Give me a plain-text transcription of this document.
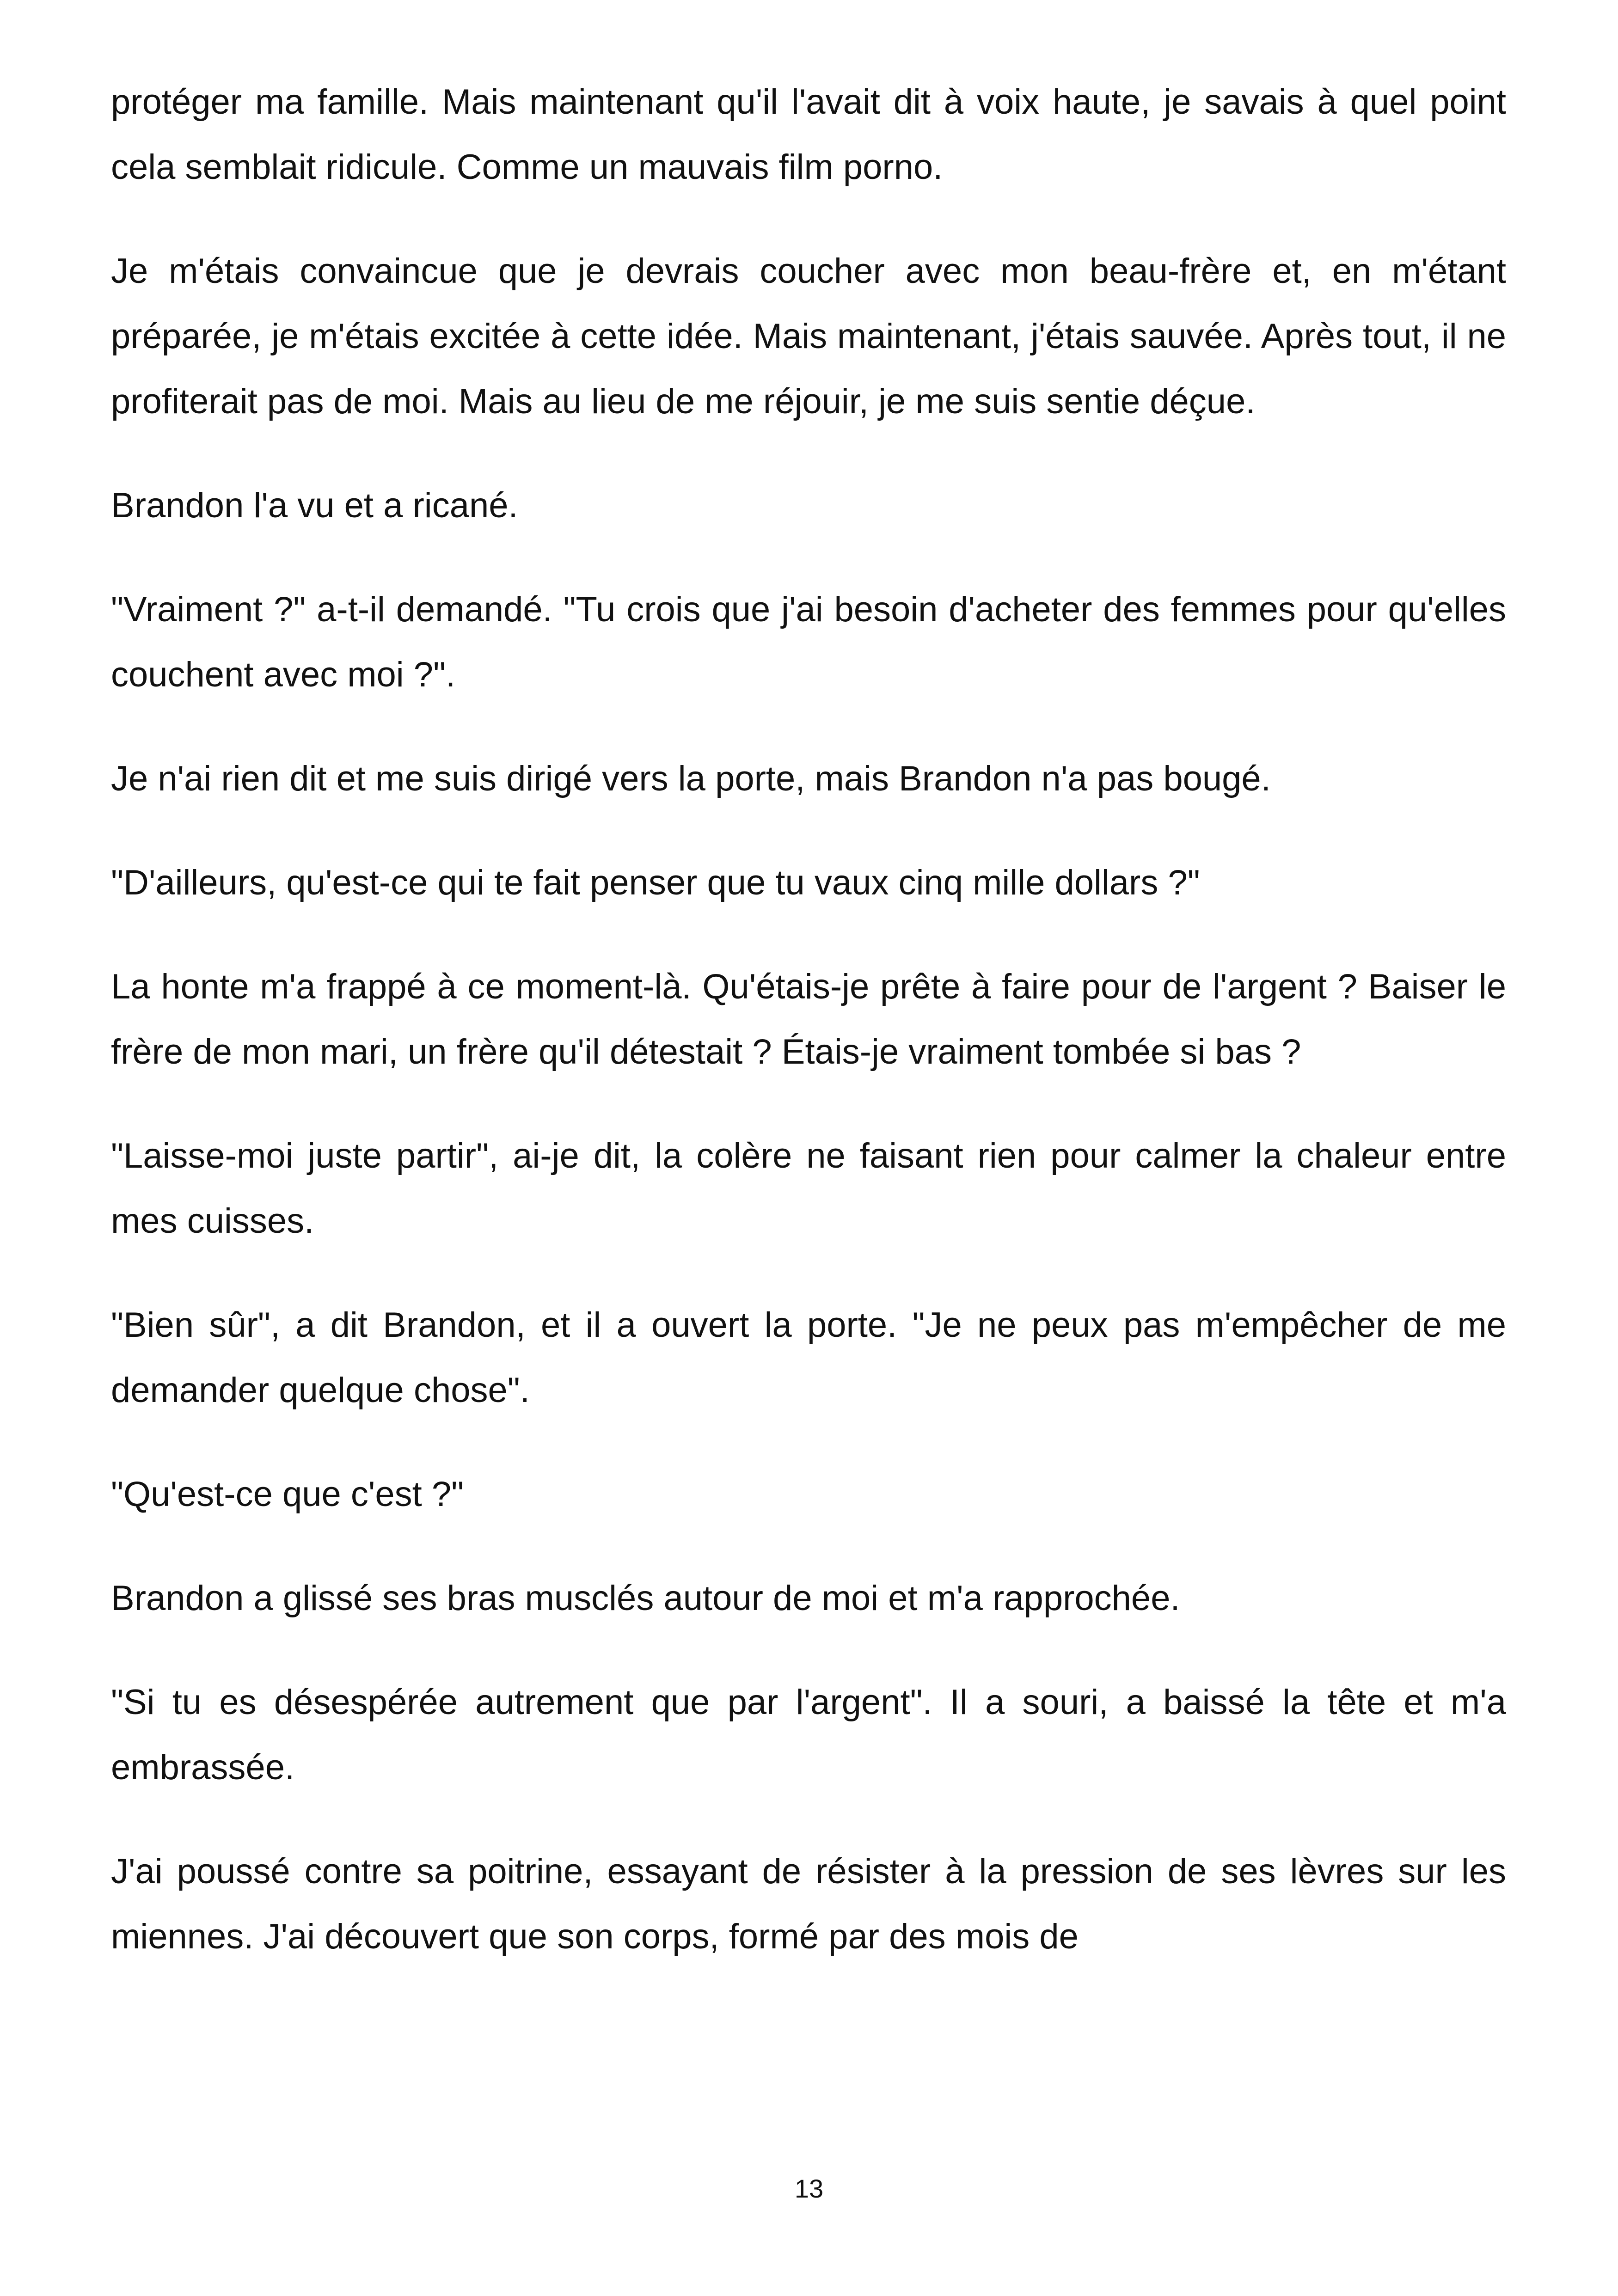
protéger ma famille. Mais maintenant qu'il l'avait dit à voix haute, je savais à quel point cela semblait ridicule. Comme un mauvais film porno.

Je m'étais convaincue que je devrais coucher avec mon beau-frère et, en m'étant préparée, je m'étais excitée à cette idée. Mais maintenant, j'étais sauvée. Après tout, il ne profiterait pas de moi. Mais au lieu de me réjouir, je me suis sentie déçue.

Brandon l'a vu et a ricané.

"Vraiment ?" a-t-il demandé. "Tu crois que j'ai besoin d'acheter des femmes pour qu'elles couchent avec moi ?".

Je n'ai rien dit et me suis dirigé vers la porte, mais Brandon n'a pas bougé.

"D'ailleurs, qu'est-ce qui te fait penser que tu vaux cinq mille dollars ?"

La honte m'a frappé à ce moment-là. Qu'étais-je prête à faire pour de l'argent ? Baiser le frère de mon mari, un frère qu'il détestait ? Étais-je vraiment tombée si bas ?

"Laisse-moi juste partir", ai-je dit, la colère ne faisant rien pour calmer la chaleur entre mes cuisses.

"Bien sûr", a dit Brandon, et il a ouvert la porte. "Je ne peux pas m'empêcher de me demander quelque chose".

"Qu'est-ce que c'est ?"

Brandon a glissé ses bras musclés autour de moi et m'a rapprochée.

"Si tu es désespérée autrement que par l'argent". Il a souri, a baissé la tête et m'a embrassée.

J'ai poussé contre sa poitrine, essayant de résister à la pression de ses lèvres sur les miennes. J'ai découvert que son corps, formé par des mois de

13
